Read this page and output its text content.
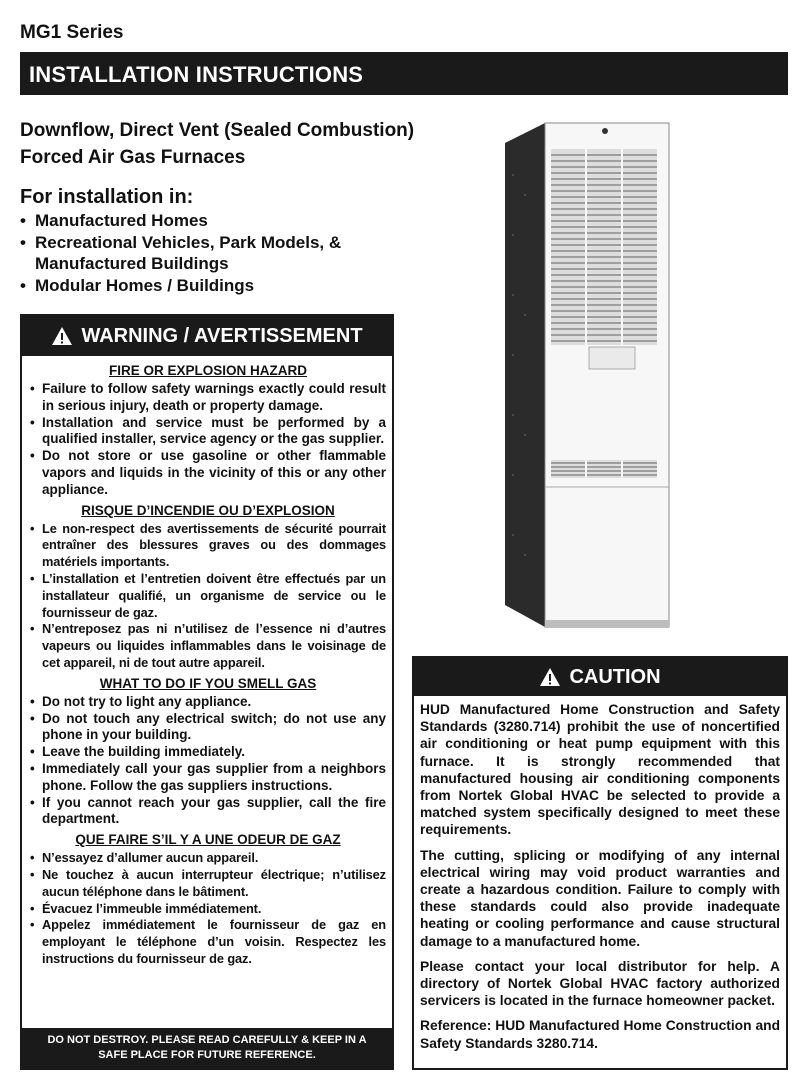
MG1 Series
INSTALLATION INSTRUCTIONS
Downflow, Direct Vent (Sealed Combustion)
Forced Air Gas Furnaces
For installation in:
• Manufactured Homes
• Recreational Vehicles, Park Models, &
Manufactured Buildings
• Modular Homes / Buildings
WARNING / AVERTISSEMENT
FIRE OR EXPLOSION HAZARD
• Failure to follow safety warnings exactly could result in serious injury, death or property damage.
• Installation and service must be performed by a qualified installer, service agency or the gas supplier.
• Do not store or use gasoline or other flammable vapors and liquids in the vicinity of this or any other appliance.
RISQUE D’INCENDIE OU D’EXPLOSION
• Le non-respect des avertissements de sécurité pourrait entraîner des blessures graves ou des dommages matériels importants.
• L’installation et l’entretien doivent être effectués par un installateur qualifié, un organisme de service ou le fournisseur de gaz.
• N’entreposez pas ni n’utilisez de l’essence ni d’autres vapeurs ou liquides inflammables dans le voisinage de cet appareil, ni de tout autre appareil.
WHAT TO DO IF YOU SMELL GAS
• Do not try to light any appliance.
• Do not touch any electrical switch; do not use any phone in your building.
• Leave the building immediately.
• Immediately call your gas supplier from a neighbors phone. Follow the gas suppliers instructions.
• If you cannot reach your gas supplier, call the fire department.
QUE FAIRE S’IL Y A UNE ODEUR DE GAZ
• N’essayez d’allumer aucun appareil.
• Ne touchez à aucun interrupteur électrique; n’utilisez aucun téléphone dans le bâtiment.
• Évacuez l’immeuble immédiatement.
• Appelez immédiatement le fournisseur de gaz en employant le téléphone d’un voisin. Respectez les instructions du fournisseur de gaz.
DO NOT DESTROY. PLEASE READ CAREFULLY & KEEP IN A
SAFE PLACE FOR FUTURE REFERENCE.
CAUTION

HUD Manufactured Home Construction and Safety Standards (3280.714) prohibit the use of noncertified air conditioning or heat pump equipment with this furnace. It is strongly recommended that manufactured housing air conditioning components from Nortek Global HVAC be selected to provide a matched system specifically designed to meet these requirements.

The cutting, splicing or modifying of any internal electrical wiring may void product warranties and create a hazardous condition. Failure to comply with these standards could also provide inadequate heating or cooling performance and cause structural damage to a manufactured home.

Please contact your local distributor for help. A directory of Nortek Global HVAC factory authorized servicers is located in the furnace homeowner packet.

Reference: HUD Manufactured Home Construction and Safety Standards 3280.714.
